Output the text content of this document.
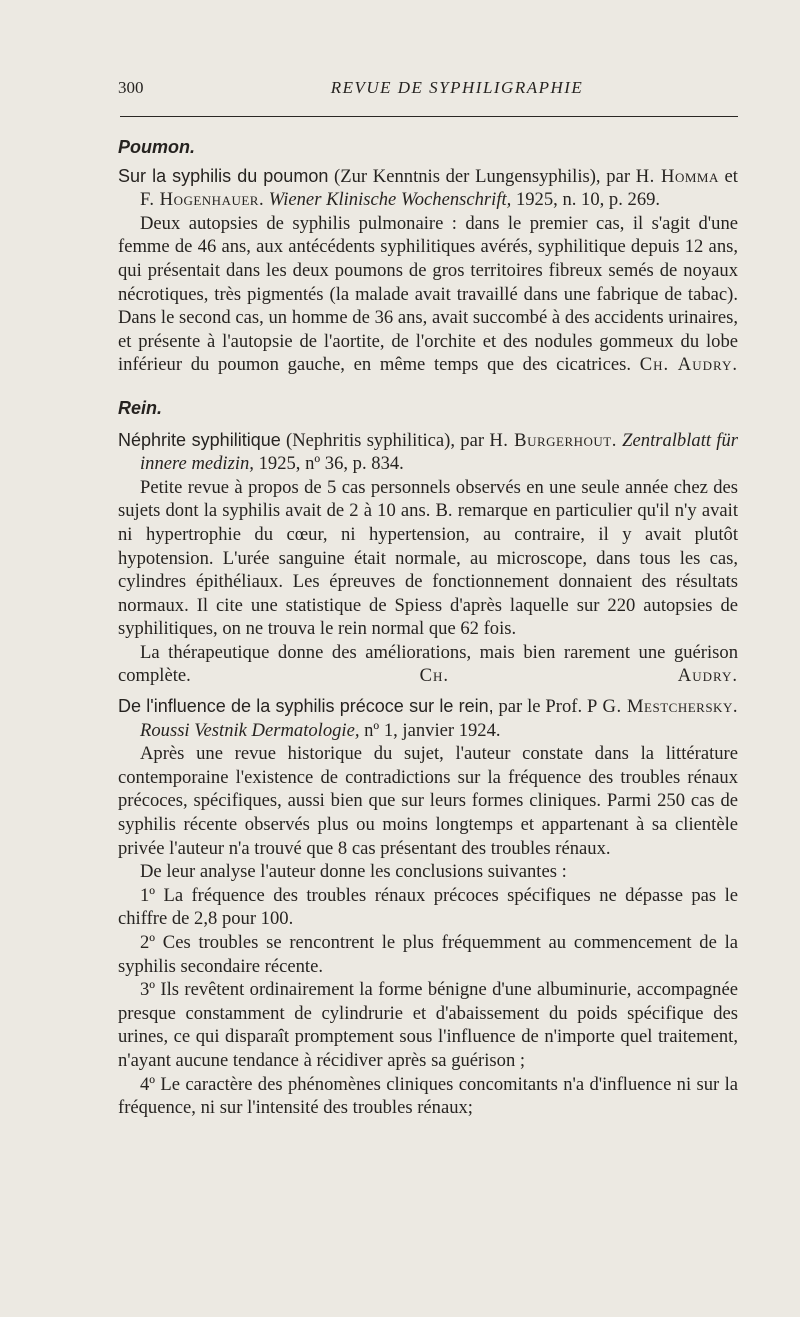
300	REVUE DE SYPHILIGRAPHIE
Poumon.

Sur la syphilis du poumon (Zur Kenntnis der Lungensyphilis), par H. Homma et F. Hogenhauer. Wiener Klinische Wochenschrift, 1925, n. 10, p. 269.

Deux autopsies de syphilis pulmonaire : dans le premier cas, il s'agit d'une femme de 46 ans, aux antécédents syphilitiques avérés, syphilitique depuis 12 ans, qui présentait dans les deux poumons de gros territoires fibreux semés de noyaux nécrotiques, très pigmentés (la malade avait travaillé dans une fabrique de tabac). Dans le second cas, un homme de 36 ans, avait succombé à des accidents urinaires, et présente à l'autopsie de l'aortite, de l'orchite et des nodules gommeux du lobe inférieur du poumon gauche, en même temps que des cicatrices. Ch. Audry.

Rein.

Néphrite syphilitique (Nephritis syphilitica), par H. Burgerhout. Zentralblatt für innere medizin, 1925, nº 36, p. 834.

Petite revue à propos de 5 cas personnels observés en une seule année chez des sujets dont la syphilis avait de 2 à 10 ans. B. remarque en particulier qu'il n'y avait ni hypertrophie du cœur, ni hypertension, au contraire, il y avait plutôt hypotension. L'urée sanguine était normale, au microscope, dans tous les cas, cylindres épithéliaux. Les épreuves de fonctionnement donnaient des résultats normaux. Il cite une statistique de Spiess d'après laquelle sur 220 autopsies de syphilitiques, on ne trouva le rein normal que 62 fois.

La thérapeutique donne des améliorations, mais bien rarement une guérison complète.	Ch. Audry.

De l'influence de la syphilis précoce sur le rein, par le Prof. P G. Mestchersky. Roussi Vestnik Dermatologie, nº 1, janvier 1924.

Après une revue historique du sujet, l'auteur constate dans la littérature contemporaine l'existence de contradictions sur la fréquence des troubles rénaux précoces, spécifiques, aussi bien que sur leurs formes cliniques. Parmi 250 cas de syphilis récente observés plus ou moins longtemps et appartenant à sa clientèle privée l'auteur n'a trouvé que 8 cas présentant des troubles rénaux.

De leur analyse l'auteur donne les conclusions suivantes :

1º La fréquence des troubles rénaux précoces spécifiques ne dépasse pas le chiffre de 2,8 pour 100.

2º Ces troubles se rencontrent le plus fréquemment au commencement de la syphilis secondaire récente.

3º Ils revêtent ordinairement la forme bénigne d'une albuminurie, accompagnée presque constamment de cylindrurie et d'abaissement du poids spécifique des urines, ce qui disparaît promptement sous l'influence de n'importe quel traitement, n'ayant aucune tendance à récidiver après sa guérison ;

4º Le caractère des phénomènes cliniques concomitants n'a d'influence ni sur la fréquence, ni sur l'intensité des troubles rénaux;
